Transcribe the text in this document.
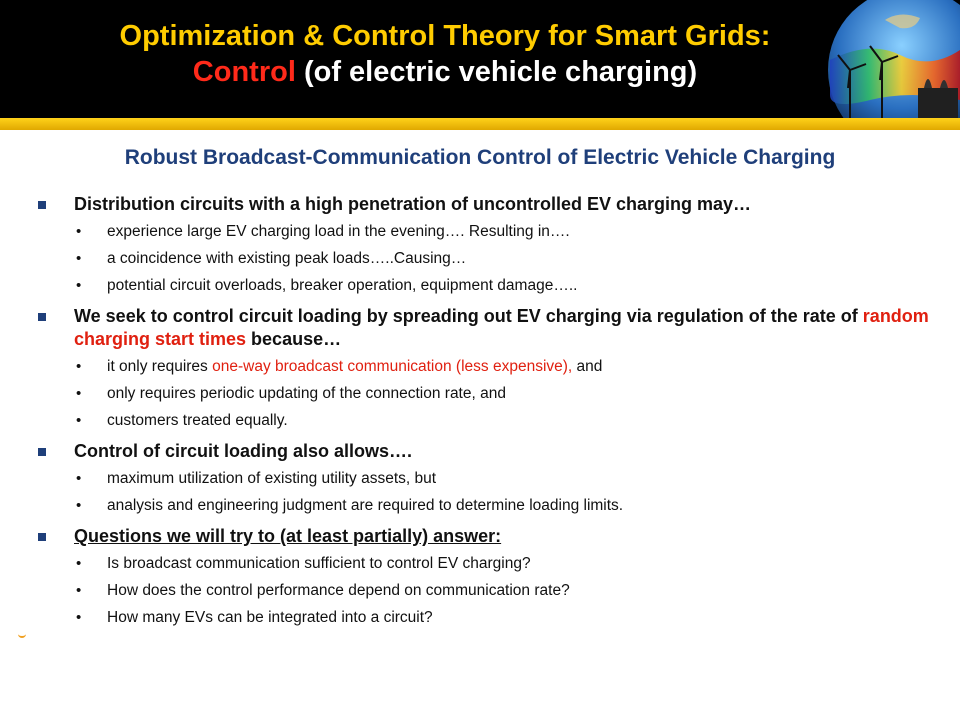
Optimization & Control Theory for Smart Grids:
Control (of electric vehicle charging)
Robust Broadcast-Communication Control of Electric Vehicle Charging
Distribution circuits with a high penetration of uncontrolled EV charging may…
• experience large EV charging load in the evening…. Resulting in….
• a coincidence with existing peak loads…..Causing…
• potential circuit overloads, breaker operation, equipment damage…..
We seek to control circuit loading by spreading out EV charging via regulation of the rate of random charging start times because…
• it only requires one-way broadcast communication (less expensive), and
• only requires periodic updating of the connection rate, and
• customers treated equally.
Control of circuit loading also allows….
• maximum utilization of existing utility assets, but
• analysis and engineering judgment are required to determine loading limits.
Questions we will try to (at least partially) answer:
• Is broadcast communication sufficient to control EV charging?
• How does the control performance depend on communication rate?
• How many EVs can be integrated into a circuit?
